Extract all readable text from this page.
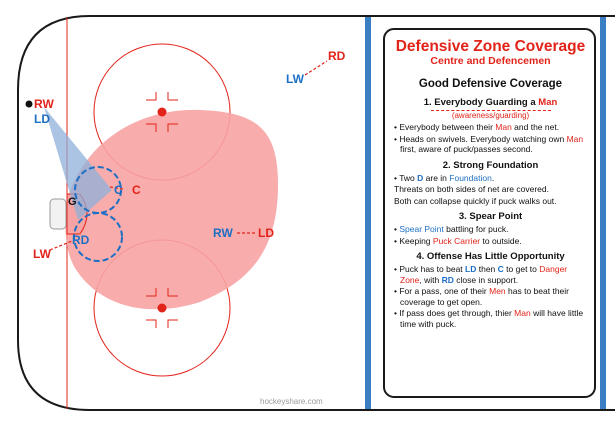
RW
LD
G
C C
RD
LW
RD
LW
RW LD
hockeyshare.com
Defensive Zone Coverage
Centre and Defencemen
Good Defensive Coverage
1. Everybody Guarding a Man
(awareness/guarding)
• Everybody between their Man and the net.
• Heads on swivels. Everybody watching own Man first, aware of puck/passes second.
2. Strong Foundation
• Two D are in Foundation.
Threats on both sides of net are covered.
Both can collapse quickly if puck walks out.
3. Spear Point
• Spear Point battling for puck.
• Keeping Puck Carrier to outside.
4. Offense Has Little Opportunity
• Puck has to beat LD then C to get to Danger Zone, with RD close in support.
• For a pass, one of their Men has to beat their coverage to get open.
• If pass does get through, thier Man will have little time with puck.
